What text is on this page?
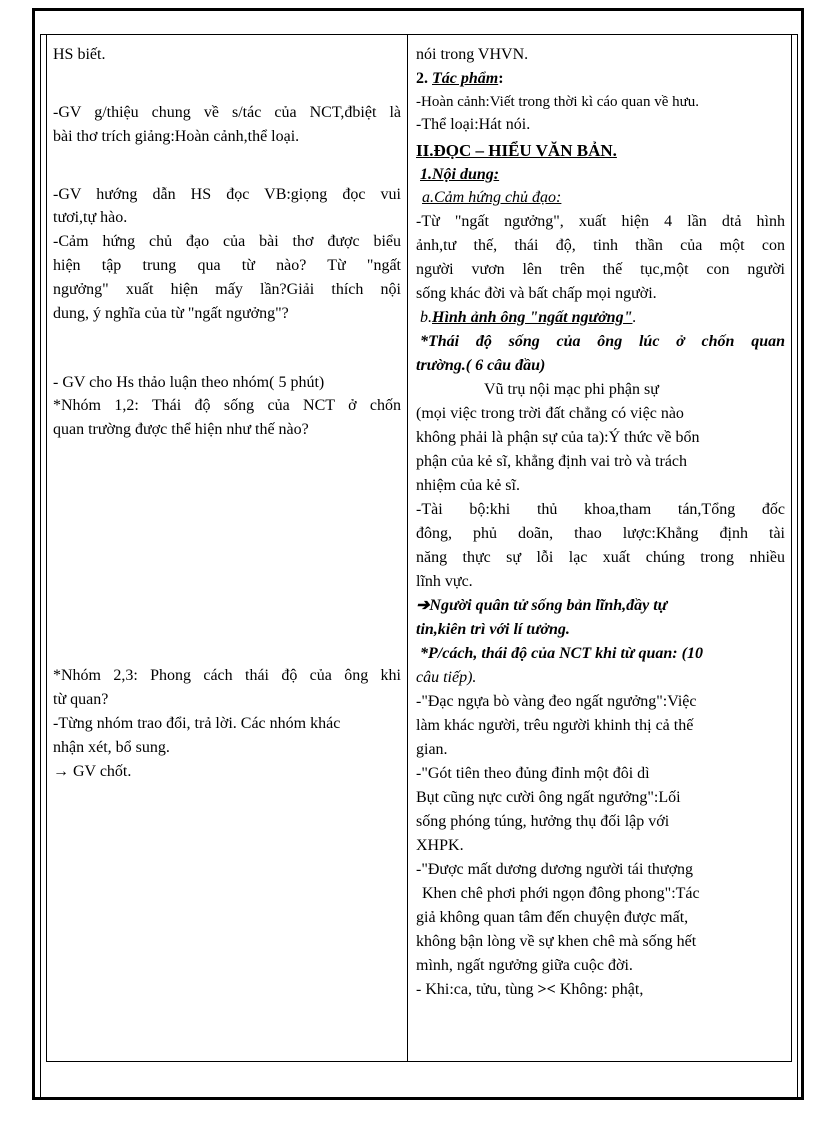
HS biết.
-GV g/thiệu chung về s/tác của NCT,đbiệt là
bài thơ trích giảng:Hoàn cảnh,thể loại.
-GV hướng dẫn HS đọc VB:giọng đọc vui
tươi,tự hào.
-Cảm hứng chủ đạo của bài thơ được biểu
hiện tập trung qua từ nào? Từ "ngất
ngưởng" xuất hiện mấy lần?Giải thích nội
dung, ý nghĩa của từ "ngất ngưởng"?
- GV cho Hs thảo luận theo nhóm( 5 phút)
*Nhóm 1,2: Thái độ sống của NCT ở chốn
quan trường được thể hiện như thế nào?
*Nhóm 2,3: Phong cách thái độ của ông khi
từ quan?
-Từng nhóm trao đổi, trả lời. Các nhóm khác
nhận xét, bổ sung.
→ GV chốt.
nói trong VHVN.
2. Tác phẩm:
-Hoàn cảnh:Viết trong thời kì cáo quan về hưu.
-Thể loại:Hát nói.
II.ĐỌC – HIỂU VĂN BẢN.
1.Nội dung:
a.Cảm hứng chủ đạo:
-Từ "ngất ngưởng", xuất hiện 4 lần dtả hình
ảnh,tư thế, thái độ, tinh thần của một con
người vươn lên trên thế tục,một con người
sống khác đời và bất chấp mọi người.
b.Hình ảnh ông "ngất ngưởng".
*Thái độ sống của ông lúc ở chốn quan
trường.( 6 câu đầu)
Vũ trụ nội mạc phi phận sự
(mọi việc trong trời đất chẳng có việc nào
không phải là phận sự của ta):Ý thức về bổn
phận của kẻ sĩ, khẳng định vai trò và trách
nhiệm của kẻ sĩ.
-Tài bộ:khi thủ khoa,tham tán,Tổng đốc
đông, phủ doãn, thao lược:Khẳng định tài
năng thực sự lỗi lạc xuất chúng trong nhiều
lĩnh vực.
➔Người quân tử sống bản lĩnh,đầy tự
tin,kiên trì với lí tưởng.
*P/cách, thái độ của NCT khi từ quan: (10
câu tiếp).
-"Đạc ngựa bò vàng đeo ngất ngưởng":Việc
làm khác người, trêu người khinh thị cả thế
gian.
-"Gót tiên theo đủng đỉnh một đôi dì
Bụt cũng nực cười ông ngất ngưởng":Lối
sống phóng túng, hưởng thụ đối lập với
XHPK.
-"Được mất dương dương người tái thượng
Khen chê phơi phới ngọn đông phong":Tác
giả không quan tâm đến chuyện được mất,
không bận lòng về sự khen chê mà sống hết
mình, ngất ngưởng giữa cuộc đời.
- Khi:ca, tửu, tùng >< Không: phật,
